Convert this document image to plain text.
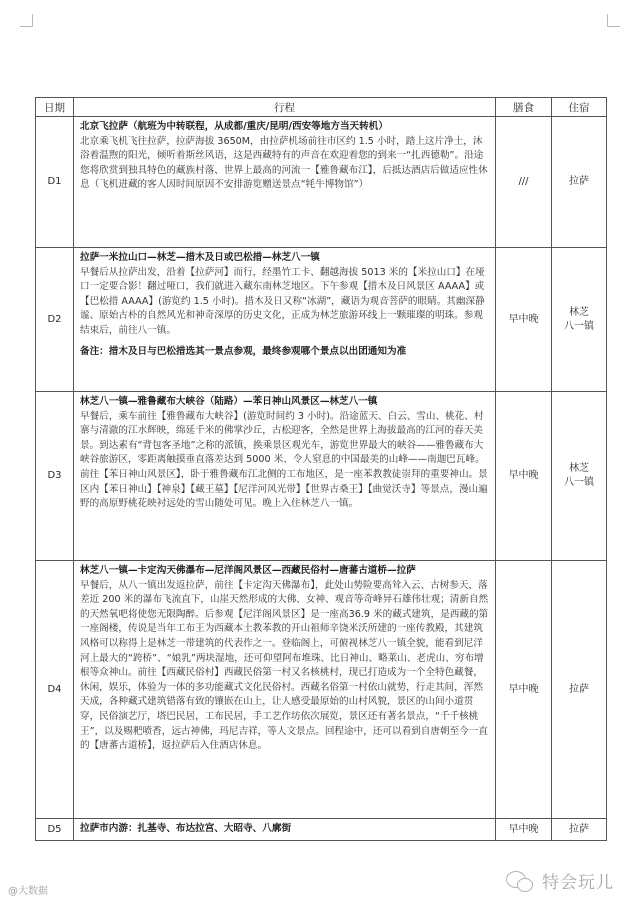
日期	行程	膳食	住宿
D1	北京飞拉萨（航班为中转联程，从成都/重庆/昆明/西安等地方当天转机）
北京乘飞机飞往拉萨，拉萨海拔 3650M，由拉萨机场前往市区约 1.5 小时，踏上这片净土，沐浴着温煦的阳光，倾听着斯丝风语，这是西藏特有的声音在欢迎着您的到来一“扎西德勒”。沿途您将欣赏到独具特色的藏族村落、世界上最高的河流一【雅鲁藏布江】，后抵达酒店后做适应性休息（飞机进藏的客人因时间原因不安排游览赠送景点“牦牛博物馆”）	///	拉萨
D2	拉萨一米拉山口—林芝—措木及日或巴松措—林芝八一镇
早餐后从拉萨出发，沿着【拉萨河】而行，经墨竹工卡、翻越海拔 5013 米的【米拉山口】在垭口一定要合影！翻过哑口，我们就进入藏东南林芝地区。下午参观【措木及日风景区 AAAA】或【巴松措 AAAA】(游览约 1.5 小时)。措木及日又称“冰湖”，藏语为观音菩萨的眼睛。其幽深静谧、原始古朴的自然风光和神奇深厚的历史文化，正成为林芝旅游环线上一颗璀璨的明珠。参观结束后，前往八一镇。
备注：措木及日与巴松措选其一景点参观，最终参观哪个景点以出团通知为准	早中晚	林芝
八一镇
D3	林芝八一镇—雅鲁藏布大峡谷（陆路）—苯日神山风景区—林芝八一镇
早餐后，乘车前往【雅鲁藏布大峡谷】(游览时间约 3 小时)。沿途蓝天、白云、雪山、桃花、村寨与清澈的江水辉映，绵延千米的佛掌沙丘，古松迎客，全然是世界上海拔最高的江河的春天美景。到达素有“背包客圣地”之称的派镇，换乘景区观光车，游览世界最大的峡谷——雅鲁藏布大峡谷旅游区，零距离触摸垂直落差达到 5000 米、令人窒息的中国最美的山峰——南迦巴瓦峰。前往【苯日神山风景区】，卧于雅鲁藏布江北侧的工布地区，是一座苯教教徒崇拜的重要神山。景区内【苯日神山】【神泉】【藏王墓】【尼洋河风光带】【世界古桑王】【曲觉沃寺】等景点，漫山遍野的高原野桃花映衬远处的雪山随处可见。晚上入住林芝八一镇。	早中晚	林芝
八一镇
D4	林芝八一镇—卡定沟天佛瀑布—尼洋阁风景区—西藏民俗村—唐蕃古道桥—拉萨
早餐后，从八一镇出发返拉萨，前往【卡定沟天佛瀑布】，此处山势险要高耸入云、古树参天，落差近 200 米的瀑布飞流直下，山崖天然形成的大佛、女神、观音等奇峰异石雄伟壮观；清新自然的天然氧吧将使您无限陶醉。后参观【尼洋阁风景区】是一座高36.9 米的藏式建筑，是西藏的第一座阁楼，传说是当年工布王为西藏本土教苯教的开山祖师辛饶米沃所建的一座传教殿，其建筑风格可以称得上是林芝一带建筑的代表作之一。登临阁上，可俯视林芝八一镇全貌，能看到尼洋河上最大的“跨桥”、“娘乳”两块湿地，还可仰望阿布堆珠、比日神山、略莱山、老虎山、穷布增根等众神山。前往【西藏民俗村】西藏民俗第一村又名核桃村，现已打造成为一个全特色藏餐，休闲，娱乐，体验为一体的多功能藏式文化民俗村。西藏名俗第一村依山就势，行走其间，浑然天成，各种藏式建筑错落有致的镶嵌在山上，让人感受最原始的山村风貌，景区的山间小道贯穿，民俗演艺厅，塔巴民居，工布民居，手工艺作坊依次展览，景区还有著名景点，“千千核桃王”，以及赐粑喷香，远古神佛，玛尼吉祥，等人文景点。回程途中，还可以看到自唐朝至今一直的【唐蕃古道桥】，返拉萨后入住酒店休息。	早中晚	拉萨
D5	拉萨市内游：扎基寺、布达拉宫、大昭寺、八廓街	早中晚	拉萨
@大数据	特会玩儿
